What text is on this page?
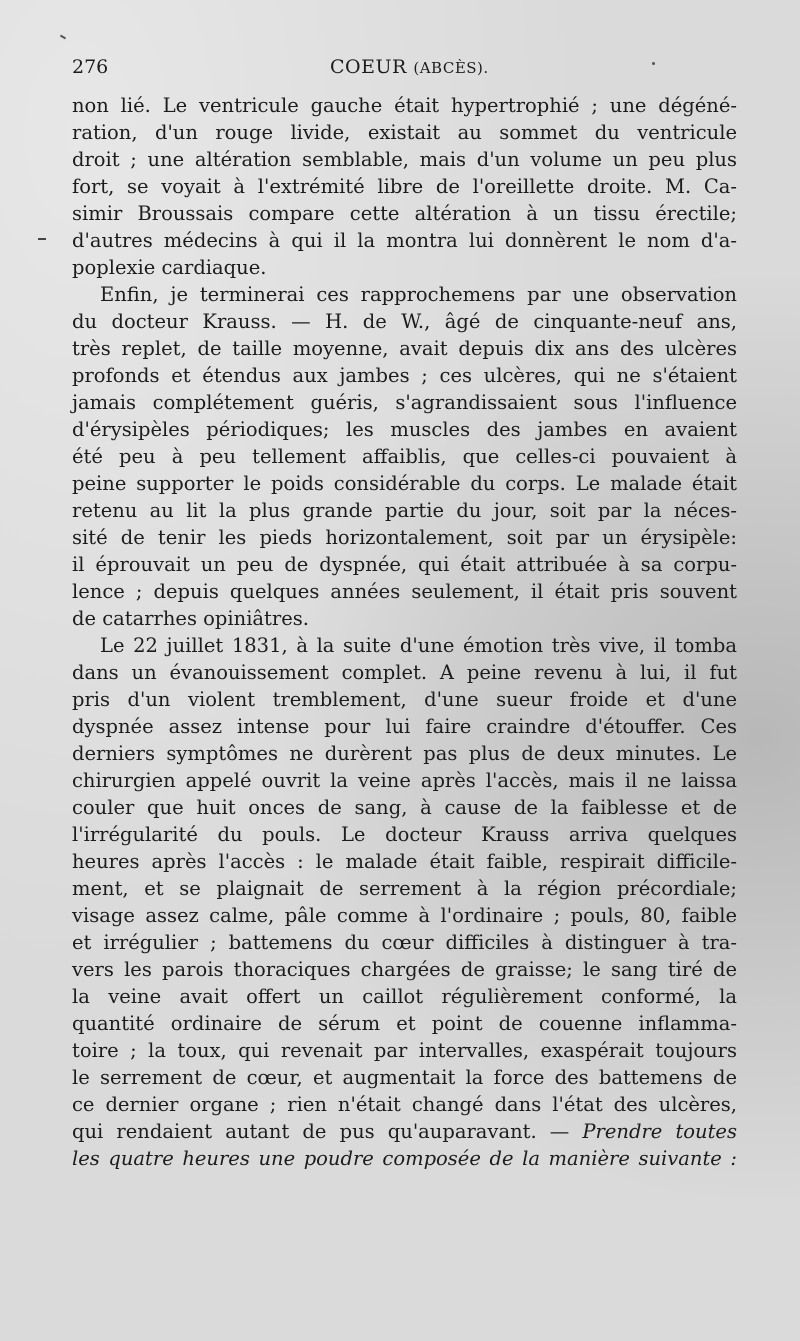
276	COEUR (ABCÈS).
non lié. Le ventricule gauche était hypertrophié ; une dégéné-
ration, d'un rouge livide, existait au sommet du ventricule
droit ; une altération semblable, mais d'un volume un peu plus
fort, se voyait à l'extrémité libre de l'oreillette droite. M. Ca-
simir Broussais compare cette altération à un tissu érectile;
d'autres médecins à qui il la montra lui donnèrent le nom d'a-
poplexie cardiaque.
Enfin, je terminerai ces rapprochemens par une observation
du docteur Krauss. — H. de W., âgé de cinquante-neuf ans,
très replet, de taille moyenne, avait depuis dix ans des ulcères
profonds et étendus aux jambes ; ces ulcères, qui ne s'étaient
jamais complétement guéris, s'agrandissaient sous l'influence
d'érysipèles périodiques; les muscles des jambes en avaient
été peu à peu tellement affaiblis, que celles-ci pouvaient à
peine supporter le poids considérable du corps. Le malade était
retenu au lit la plus grande partie du jour, soit par la néces-
sité de tenir les pieds horizontalement, soit par un érysipèle:
il éprouvait un peu de dyspnée, qui était attribuée à sa corpu-
lence ; depuis quelques années seulement, il était pris souvent
de catarrhes opiniâtres.
Le 22 juillet 1831, à la suite d'une émotion très vive, il tomba
dans un évanouissement complet. A peine revenu à lui, il fut
pris d'un violent tremblement, d'une sueur froide et d'une
dyspnée assez intense pour lui faire craindre d'étouffer. Ces
derniers symptômes ne durèrent pas plus de deux minutes. Le
chirurgien appelé ouvrit la veine après l'accès, mais il ne laissa
couler que huit onces de sang, à cause de la faiblesse et de
l'irrégularité du pouls. Le docteur Krauss arriva quelques
heures après l'accès : le malade était faible, respirait difficile-
ment, et se plaignait de serrement à la région précordiale;
visage assez calme, pâle comme à l'ordinaire ; pouls, 80, faible
et irrégulier ; battemens du cœur difficiles à distinguer à tra-
vers les parois thoraciques chargées de graisse; le sang tiré de
la veine avait offert un caillot régulièrement conformé, la
quantité ordinaire de sérum et point de couenne inflamma-
toire ; la toux, qui revenait par intervalles, exaspérait toujours
le serrement de cœur, et augmentait la force des battemens de
ce dernier organe ; rien n'était changé dans l'état des ulcères,
qui rendaient autant de pus qu'auparavant. — Prendre toutes
les quatre heures une poudre composée de la manière suivante :
